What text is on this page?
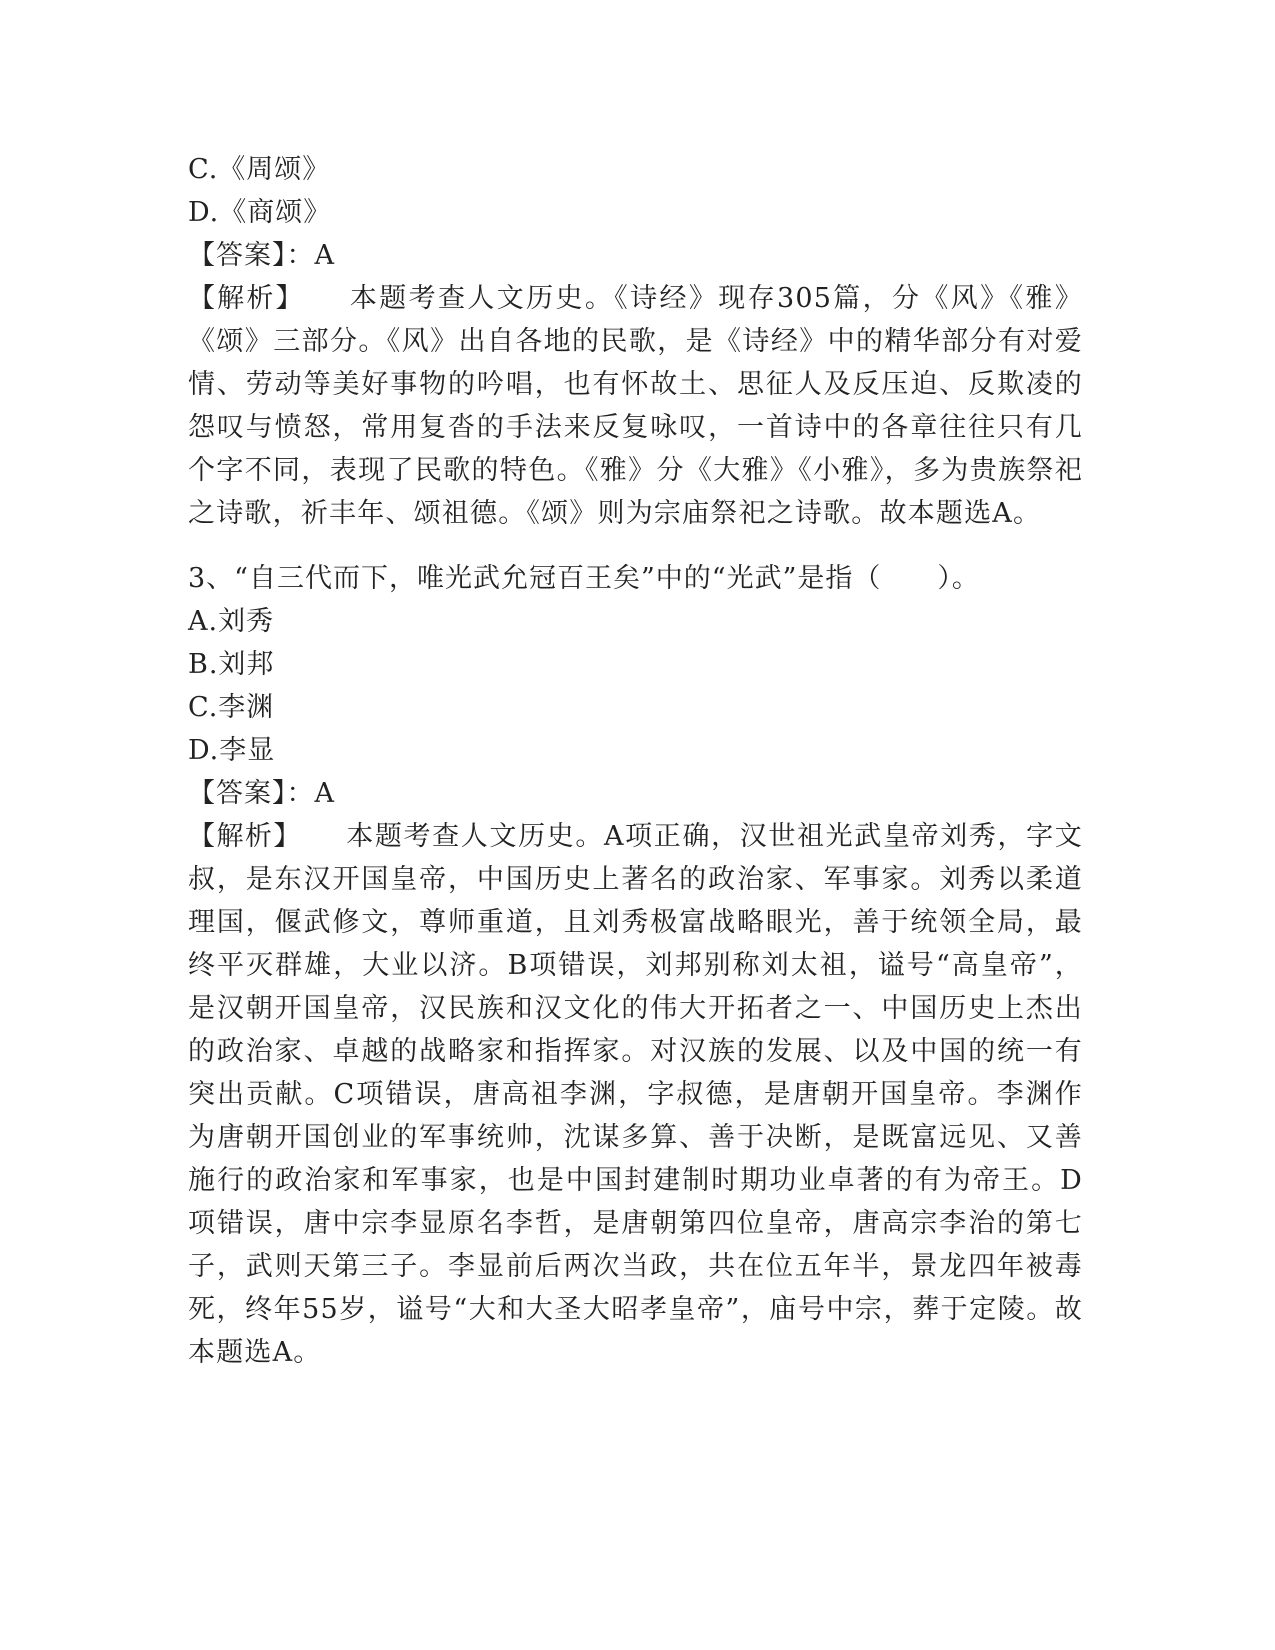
C.《周颂》
D.《商颂》
【答案】：A

【解析】 本题考查人文历史。《诗经》现存305篇，分《风》《雅》《颂》三部分。《风》出自各地的民歌，是《诗经》中的精华部分有对爱情、劳动等美好事物的吟唱，也有怀故土、思征人及反压迫、反欺凌的怨叹与愤怒，常用复沓的手法来反复咏叹，一首诗中的各章往往只有几个字不同，表现了民歌的特色。《雅》分《大雅》《小雅》，多为贵族祭祀之诗歌，祈丰年、颂祖德。《颂》则为宗庙祭祀之诗歌。故本题选A。

3、“自三代而下，唯光武允冠百王矣”中的“光武”是指（　　）。
A.刘秀
B.刘邦
C.李渊
D.李显
【答案】：A

【解析】 本题考查人文历史。A项正确，汉世祖光武皇帝刘秀，字文叔，是东汉开国皇帝，中国历史上著名的政治家、军事家。刘秀以柔道理国，偃武修文，尊师重道，且刘秀极富战略眼光，善于统领全局，最终平灭群雄，大业以济。B项错误，刘邦别称刘太祖，谥号“高皇帝”，是汉朝开国皇帝，汉民族和汉文化的伟大开拓者之一、中国历史上杰出的政治家、卓越的战略家和指挥家。对汉族的发展、以及中国的统一有突出贡献。C项错误，唐高祖李渊，字叔德，是唐朝开国皇帝。李渊作为唐朝开国创业的军事统帅，沈谋多算、善于决断，是既富远见、又善施行的政治家和军事家，也是中国封建制时期功业卓著的有为帝王。D项错误，唐中宗李显原名李哲，是唐朝第四位皇帝，唐高宗李治的第七子，武则天第三子。李显前后两次当政，共在位五年半，景龙四年被毒死，终年55岁，谥号“大和大圣大昭孝皇帝”，庙号中宗，葬于定陵。故本题选A。
